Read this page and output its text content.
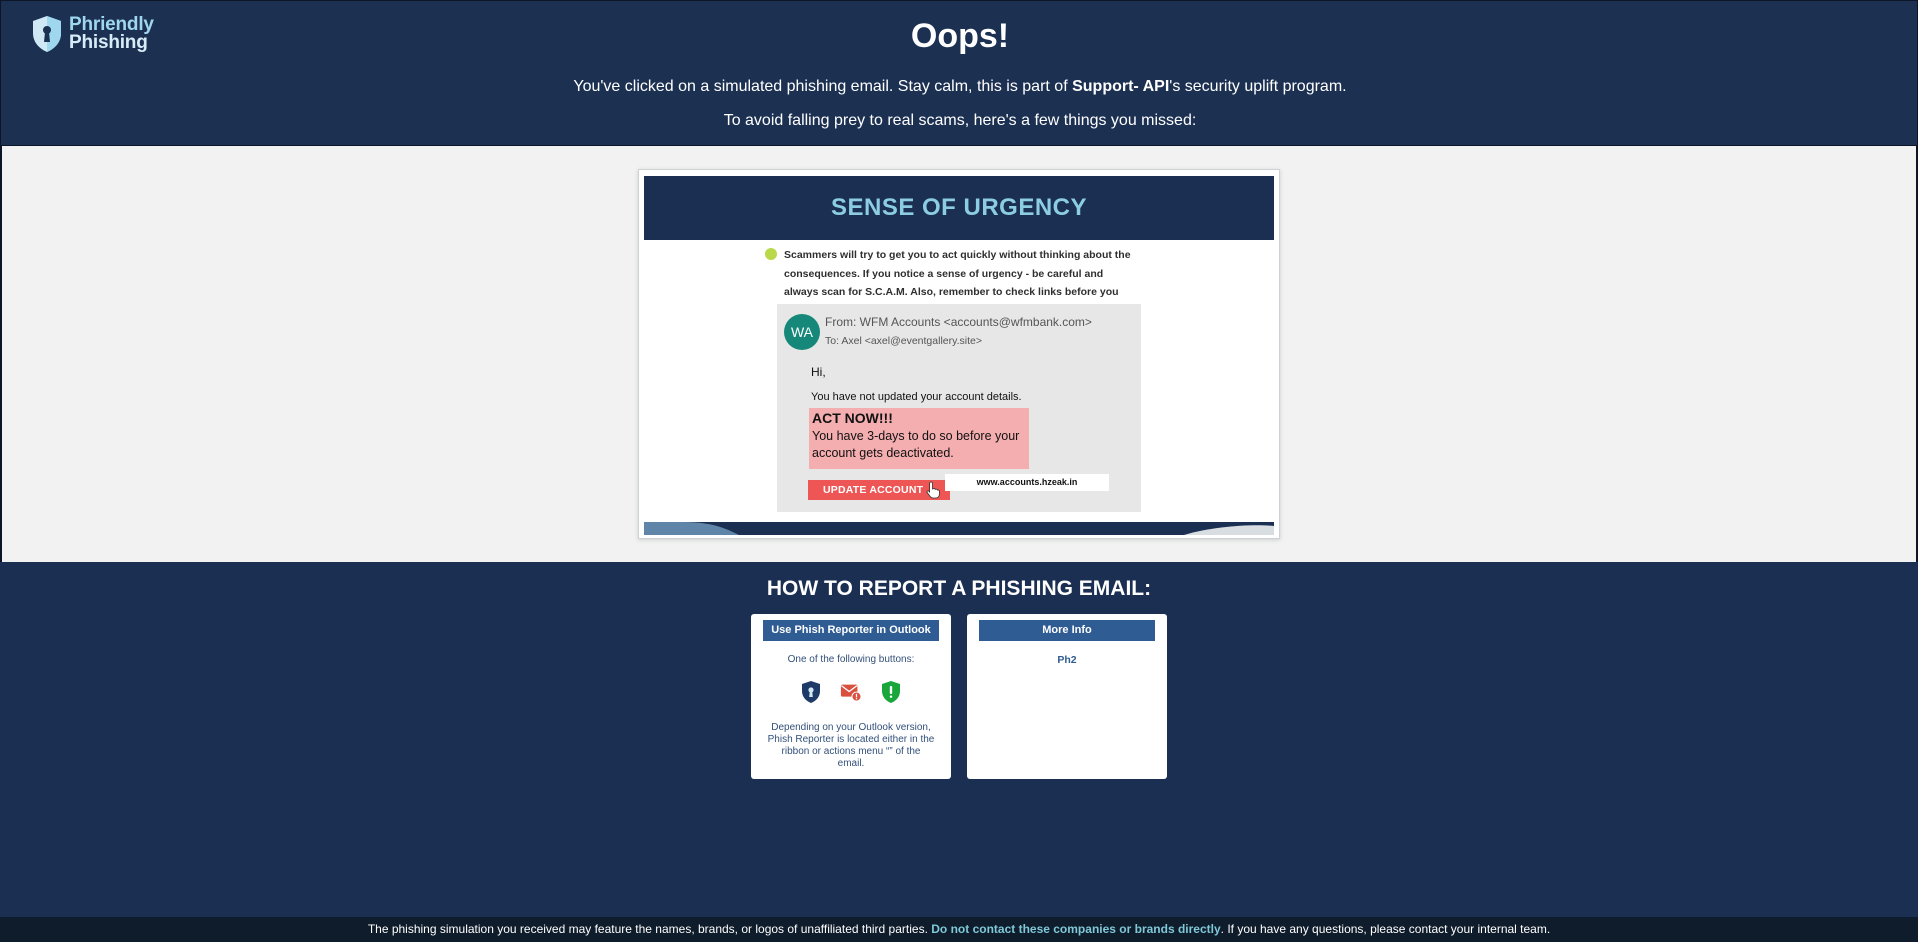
Phriendly
Phishing	Oops!
You've clicked on a simulated phishing email. Stay calm, this is part of Support- API's security uplift program.
To avoid falling prey to real scams, here's a few things you missed:
SENSE OF URGENCY
Scammers will try to get you to act quickly without thinking about the consequences. If you notice a sense of urgency - be careful and always scan for S.C.A.M. Also, remember to check links before you
WA
From: WFM Accounts <accounts@wfmbank.com>
To: Axel <axel@eventgallery.site>
Hi,
You have not updated your account details.
ACT NOW!!!
You have 3-days to do so before your account gets deactivated.
UPDATE ACCOUNT
www.accounts.hzeak.in
HOW TO REPORT A PHISHING EMAIL:
Use Phish Reporter in Outlook
One of the following buttons:
Depending on your Outlook version, Phish Reporter is located either in the ribbon or actions menu “” of the email.
More Info
Ph2
The phishing simulation you received may feature the names, brands, or logos of unaffiliated third parties. Do not contact these companies or brands directly. If you have any questions, please contact your internal team.
